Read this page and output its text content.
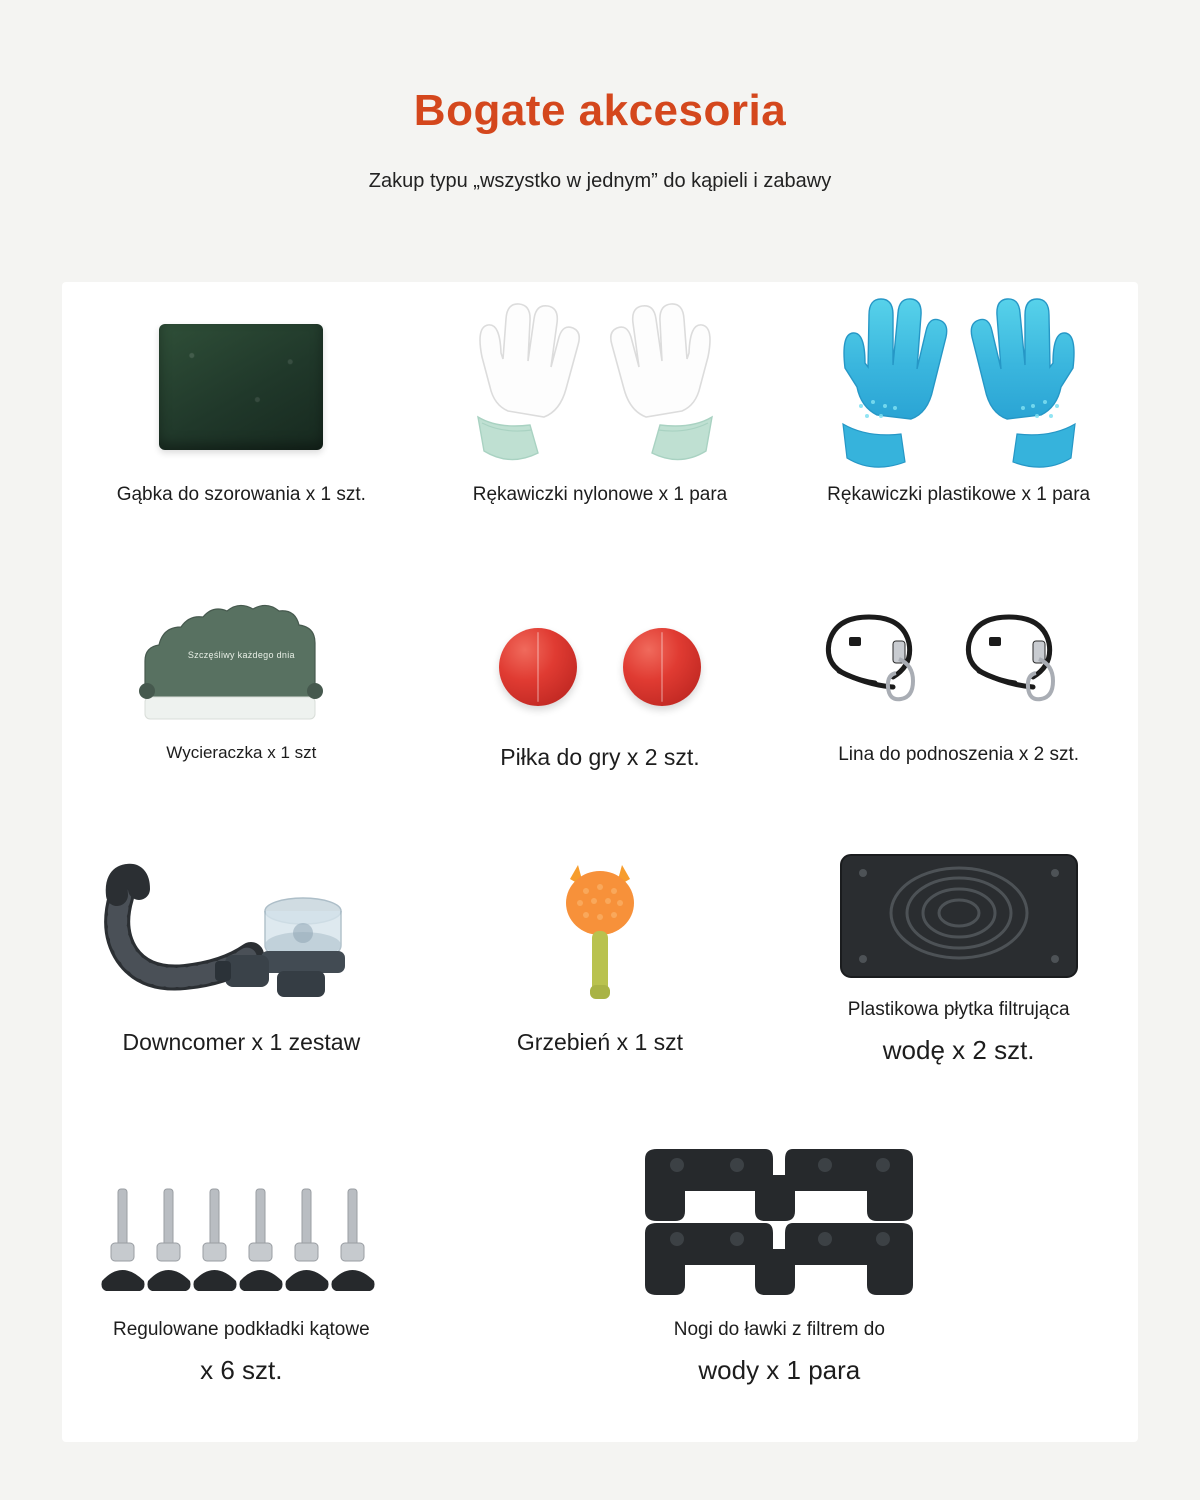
Bogate akcesoria

Zakup typu „wszystko w jednym” do kąpieli i zabawy

Gąbka do szorowania x 1 szt.	Rękawiczki nylonowe x 1 para	Rękawiczki plastikowe x 1 para
Szczęśliwy każdego dnia
Wycieraczka x 1 szt	Piłka do gry x 2 szt.	Lina do podnoszenia x 2 szt.
Downcomer x 1 zestaw	Grzebień x 1 szt
Plastikowa płytka filtrująca
wodę x 2 szt.
Regulowane podkładki kątowe
x 6 szt.
Nogi do ławki z filtrem do
wody x 1 para
